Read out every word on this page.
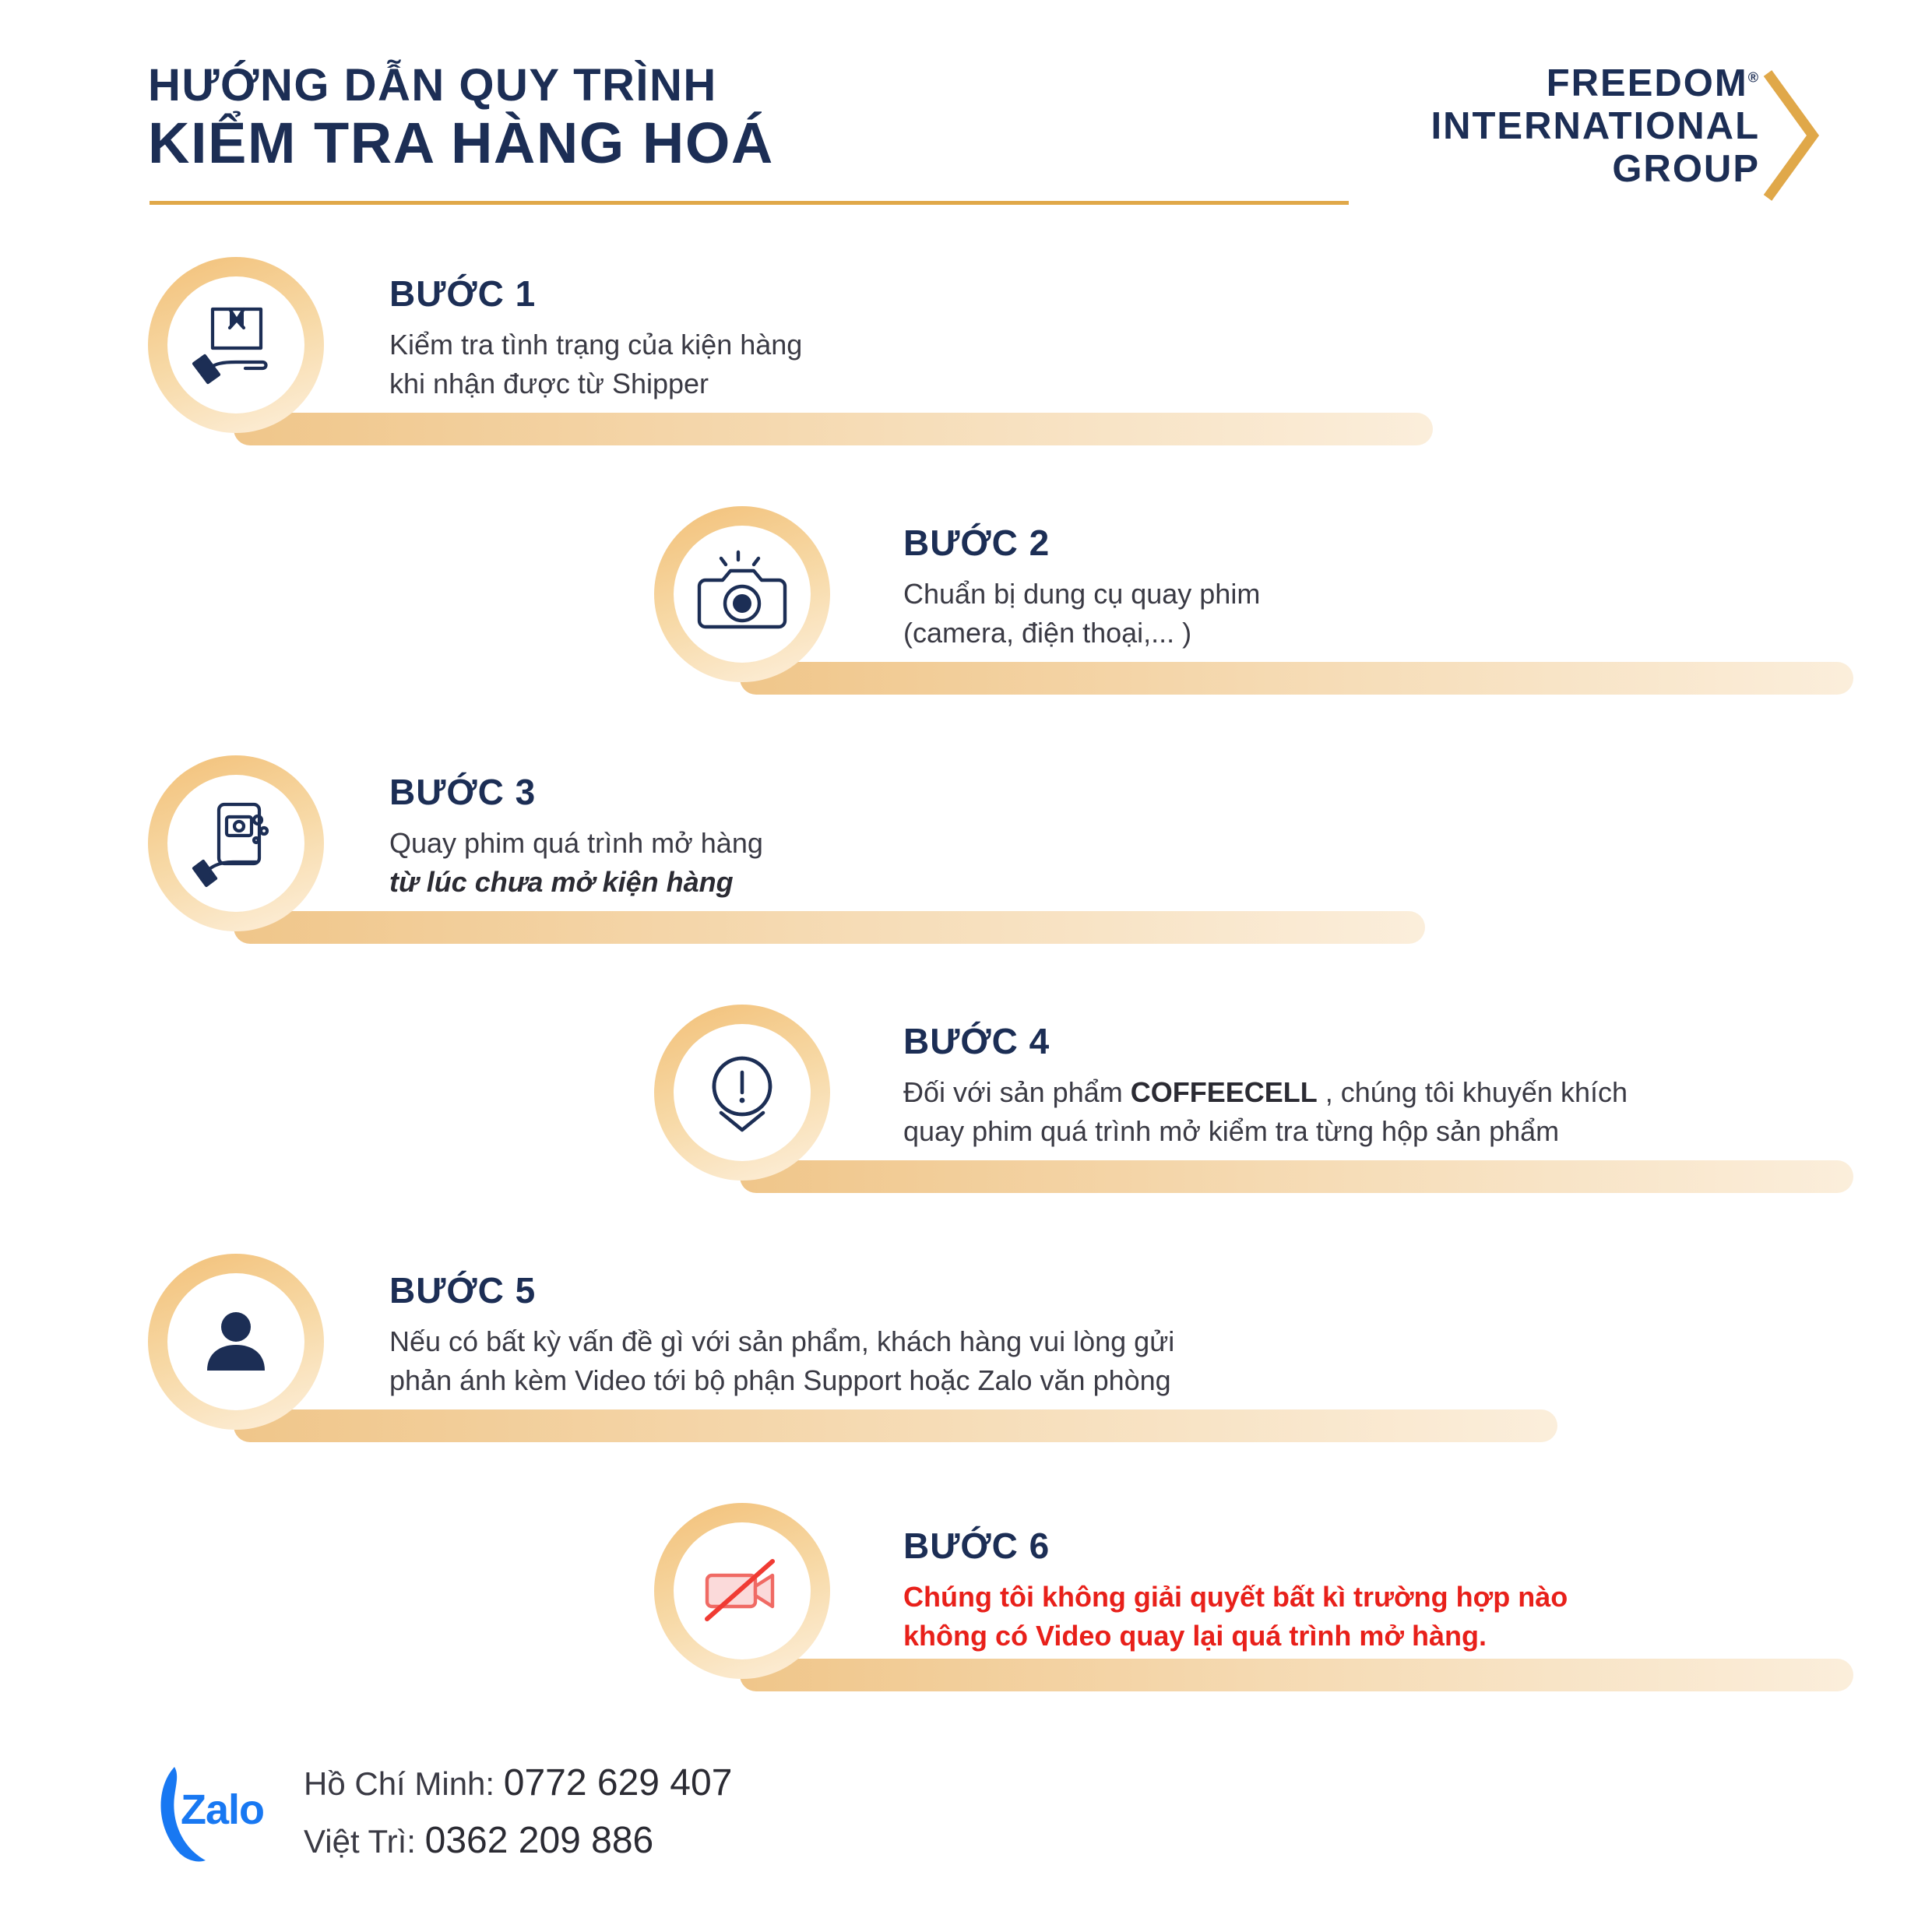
HƯỚNG DẪN QUY TRÌNH
KIỂM TRA HÀNG HOÁ
FREEDOM®
INTERNATIONAL
GROUP
BƯỚC 1
Kiểm tra tình trạng của kiện hàng
khi nhận được từ Shipper
BƯỚC 2
Chuẩn bị dung cụ quay phim
(camera, điện thoại,... )
BƯỚC 3
Quay phim quá trình mở hàng
từ lúc chưa mở kiện hàng
BƯỚC 4
Đối với sản phẩm COFFEECELL , chúng tôi khuyến khích
quay phim quá trình mở kiểm tra từng hộp sản phẩm
BƯỚC 5
Nếu có bất kỳ vấn đề gì với sản phẩm, khách hàng vui lòng gửi
phản ánh kèm Video tới bộ phận Support hoặc Zalo văn phòng
BƯỚC 6
Chúng tôi không giải quyết bất kì trường hợp nào
không có Video quay lại quá trình mở hàng.
Zalo
Hồ Chí Minh: 0772 629 407
Việt Trì: 0362 209 886
